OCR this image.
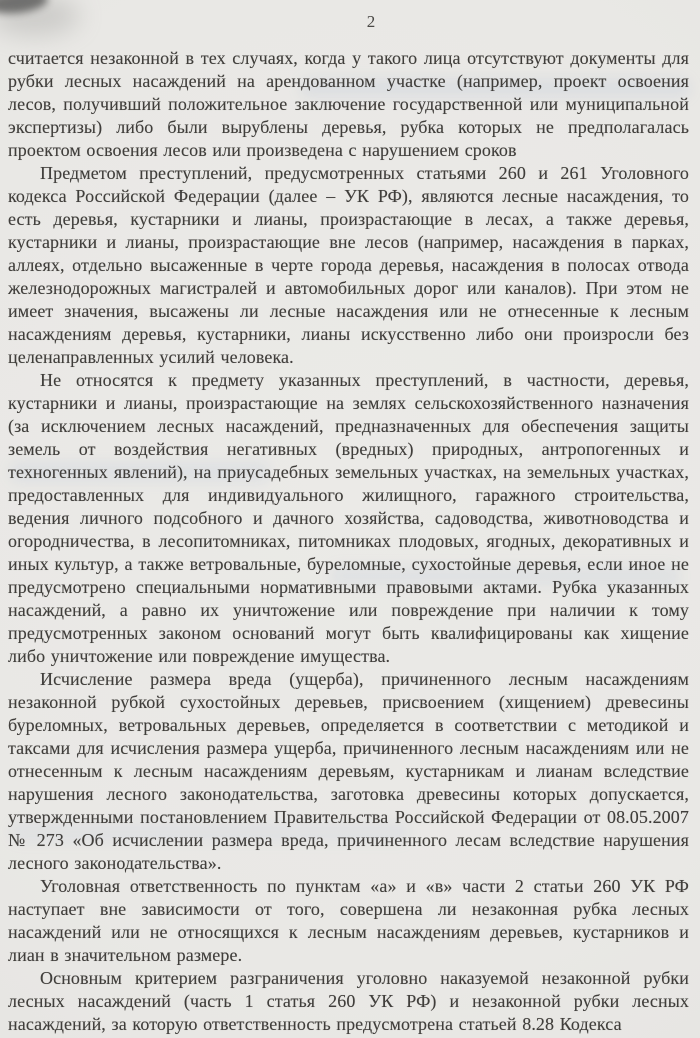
2

считается незаконной в тех случаях, когда у такого лица отсутствуют документы для рубки лесных насаждений на арендованном участке (например, проект освоения лесов, получивший положительное заключение государственной или муниципальной экспертизы) либо были вырублены деревья, рубка которых не предполагалась проектом освоения лесов или произведена с нарушением сроков

Предметом преступлений, предусмотренных статьями 260 и 261 Уголовного кодекса Российской Федерации (далее – УК РФ), являются лесные насаждения, то есть деревья, кустарники и лианы, произрастающие в лесах, а также деревья, кустарники и лианы, произрастающие вне лесов (например, насаждения в парках, аллеях, отдельно высаженные в черте города деревья, насаждения в полосах отвода железнодорожных магистралей и автомобильных дорог или каналов). При этом не имеет значения, высажены ли лесные насаждения или не отнесенные к лесным насаждениям деревья, кустарники, лианы искусственно либо они произросли без целенаправленных усилий человека.

Не относятся к предмету указанных преступлений, в частности, деревья, кустарники и лианы, произрастающие на землях сельскохозяйственного назначения (за исключением лесных насаждений, предназначенных для обеспечения защиты земель от воздействия негативных (вредных) природных, антропогенных и техногенных явлений), на приусадебных земельных участках, на земельных участках, предоставленных для индивидуального жилищного, гаражного строительства, ведения личного подсобного и дачного хозяйства, садоводства, животноводства и огородничества, в лесопитомниках, питомниках плодовых, ягодных, декоративных и иных культур, а также ветровальные, буреломные, сухостойные деревья, если иное не предусмотрено специальными нормативными правовыми актами. Рубка указанных насаждений, а равно их уничтожение или повреждение при наличии к тому предусмотренных законом оснований могут быть квалифицированы как хищение либо уничтожение или повреждение имущества.

Исчисление размера вреда (ущерба), причиненного лесным насаждениям незаконной рубкой сухостойных деревьев, присвоением (хищением) древесины буреломных, ветровальных деревьев, определяется в соответствии с методикой и таксами для исчисления размера ущерба, причиненного лесным насаждениям или не отнесенным к лесным насаждениям деревьям, кустарникам и лианам вследствие нарушения лесного законодательства, заготовка древесины которых допускается, утвержденными постановлением Правительства Российской Федерации от 08.05.2007 № 273 «Об исчислении размера вреда, причиненного лесам вследствие нарушения лесного законодательства».

Уголовная ответственность по пунктам «а» и «в» части 2 статьи 260 УК РФ наступает вне зависимости от того, совершена ли незаконная рубка лесных насаждений или не относящихся к лесным насаждениям деревьев, кустарников и лиан в значительном размере.

Основным критерием разграничения уголовно наказуемой незаконной рубки лесных насаждений (часть 1 статья 260 УК РФ) и незаконной рубки лесных насаждений, за которую ответственность предусмотрена статьей 8.28 Кодекса
